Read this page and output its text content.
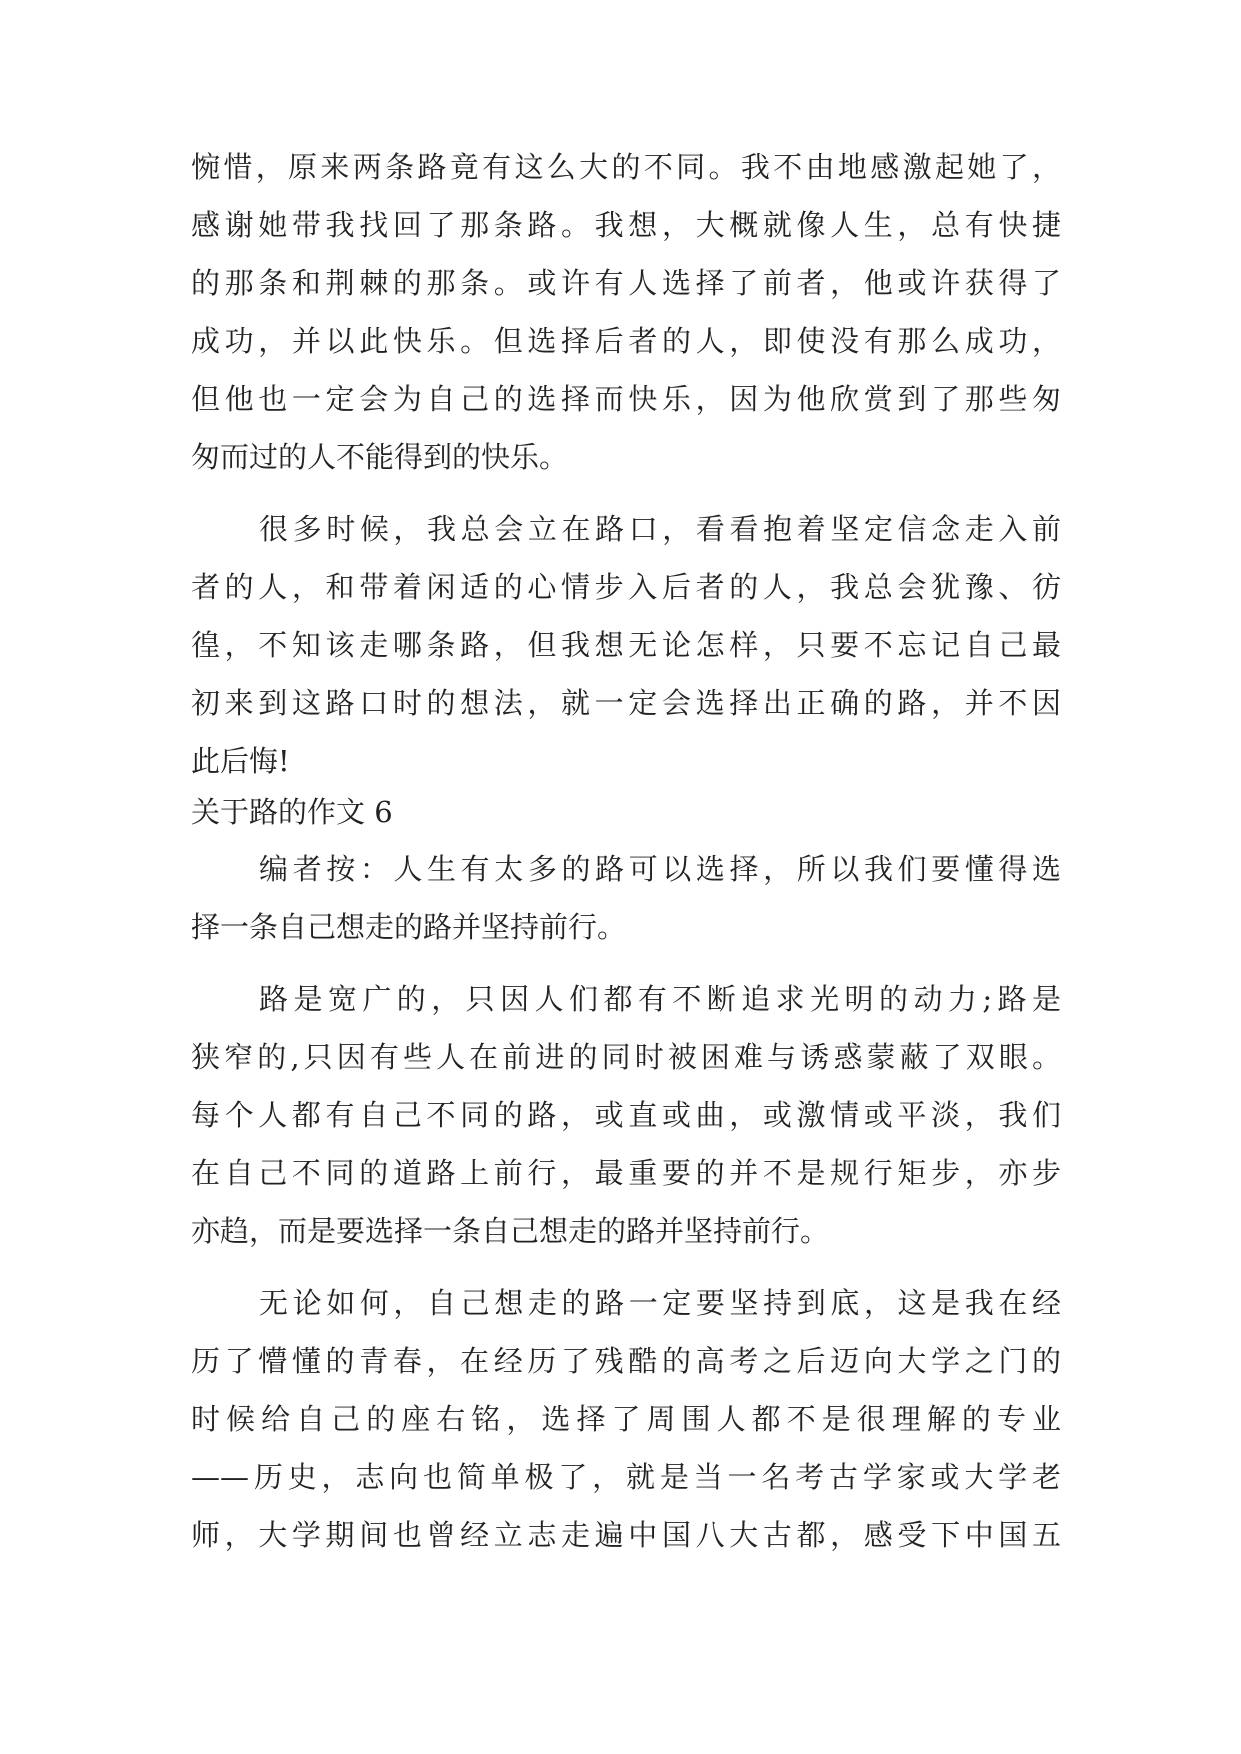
惋惜，原来两条路竟有这么大的不同。我不由地感激起她了，
感谢她带我找回了那条路。我想，大概就像人生，总有快捷
的那条和荆棘的那条。或许有人选择了前者，他或许获得了
成功，并以此快乐。但选择后者的人，即使没有那么成功，
但他也一定会为自己的选择而快乐，因为他欣赏到了那些匆
匆而过的人不能得到的快乐。
很多时候，我总会立在路口，看看抱着坚定信念走入前
者的人，和带着闲适的心情步入后者的人，我总会犹豫、彷
徨，不知该走哪条路，但我想无论怎样，只要不忘记自己最
初来到这路口时的想法，就一定会选择出正确的路，并不因
此后悔!
关于路的作文 6
编者按：人生有太多的路可以选择，所以我们要懂得选
择一条自己想走的路并坚持前行。
路是宽广的，只因人们都有不断追求光明的动力;路是
狭窄的,只因有些人在前进的同时被困难与诱惑蒙蔽了双眼。
每个人都有自己不同的路，或直或曲，或激情或平淡，我们
在自己不同的道路上前行，最重要的并不是规行矩步，亦步
亦趋，而是要选择一条自己想走的路并坚持前行。
无论如何，自己想走的路一定要坚持到底，这是我在经
历了懵懂的青春，在经历了残酷的高考之后迈向大学之门的
时候给自己的座右铭，选择了周围人都不是很理解的专业
——历史，志向也简单极了，就是当一名考古学家或大学老
师，大学期间也曾经立志走遍中国八大古都，感受下中国五
